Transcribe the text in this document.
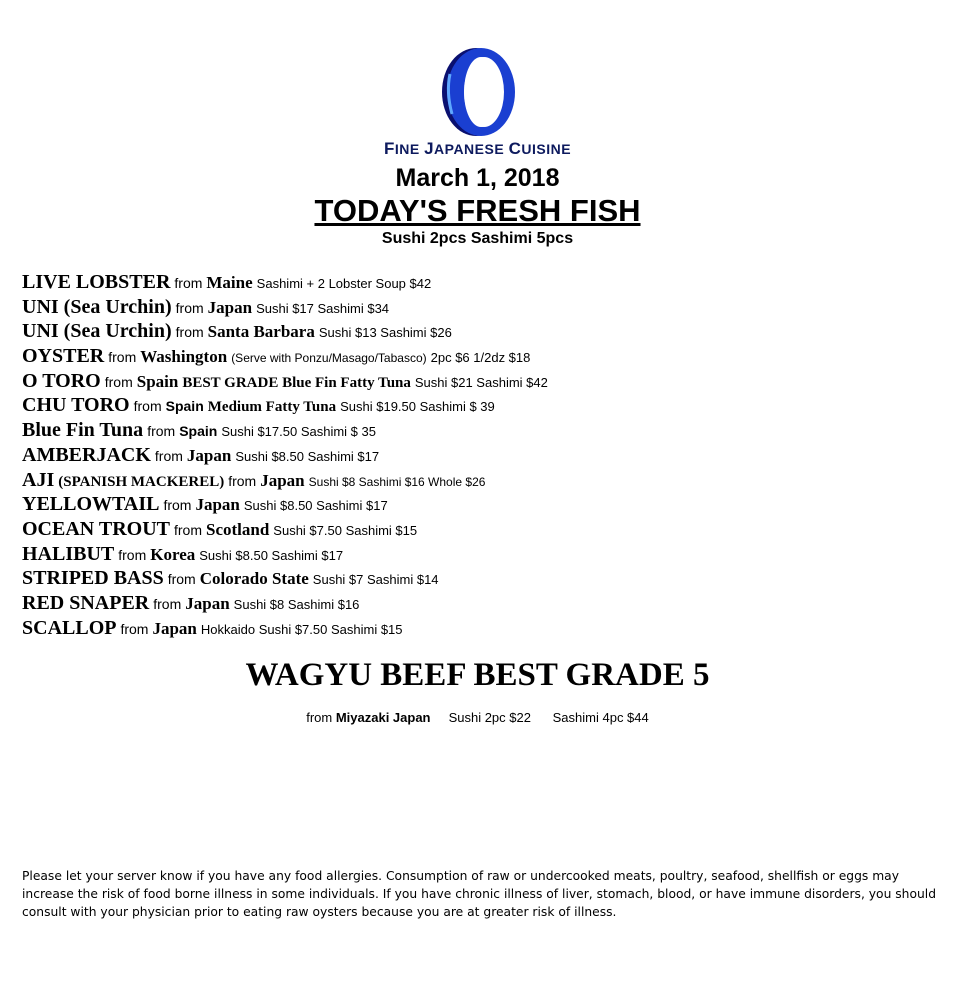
FINE JAPANESE CUISINE
March 1, 2018
TODAY'S FRESH FISH
Sushi 2pcs Sashimi 5pcs
LIVE LOBSTER from Maine Sashimi + 2 Lobster Soup $42
UNI (Sea Urchin) from Japan Sushi $17 Sashimi $34
UNI (Sea Urchin) from Santa Barbara Sushi $13 Sashimi $26
OYSTER from Washington (Serve with Ponzu/Masago/Tabasco) 2pc $6 1/2dz $18
O TORO from Spain BEST GRADE Blue Fin Fatty Tuna Sushi $21 Sashimi $42
CHU TORO from Spain Medium Fatty Tuna Sushi $19.50 Sashimi $ 39
Blue Fin Tuna from Spain Sushi $17.50 Sashimi $ 35
AMBERJACK from Japan Sushi $8.50 Sashimi $17
AJI (SPANISH MACKEREL) from Japan Sushi $8 Sashimi $16 Whole $26
YELLOWTAIL from Japan Sushi $8.50 Sashimi $17
OCEAN TROUT from Scotland Sushi $7.50 Sashimi $15
HALIBUT from Korea Sushi $8.50 Sashimi $17
STRIPED BASS from Colorado State Sushi $7 Sashimi $14
RED SNAPER from Japan Sushi $8 Sashimi $16
SCALLOP from Japan Hokkaido Sushi $7.50 Sashimi $15
WAGYU BEEF BEST GRADE 5
from Miyazaki Japan Sushi 2pc $22 Sashimi 4pc $44

Please let your server know if you have any food allergies. Consumption of raw or undercooked meats, poultry, seafood, shellfish or eggs may increase the risk of food borne illness in some individuals. If you have chronic illness of liver, stomach, blood, or have immune disorders, you should consult with your physician prior to eating raw oysters because you are at greater risk of illness.
